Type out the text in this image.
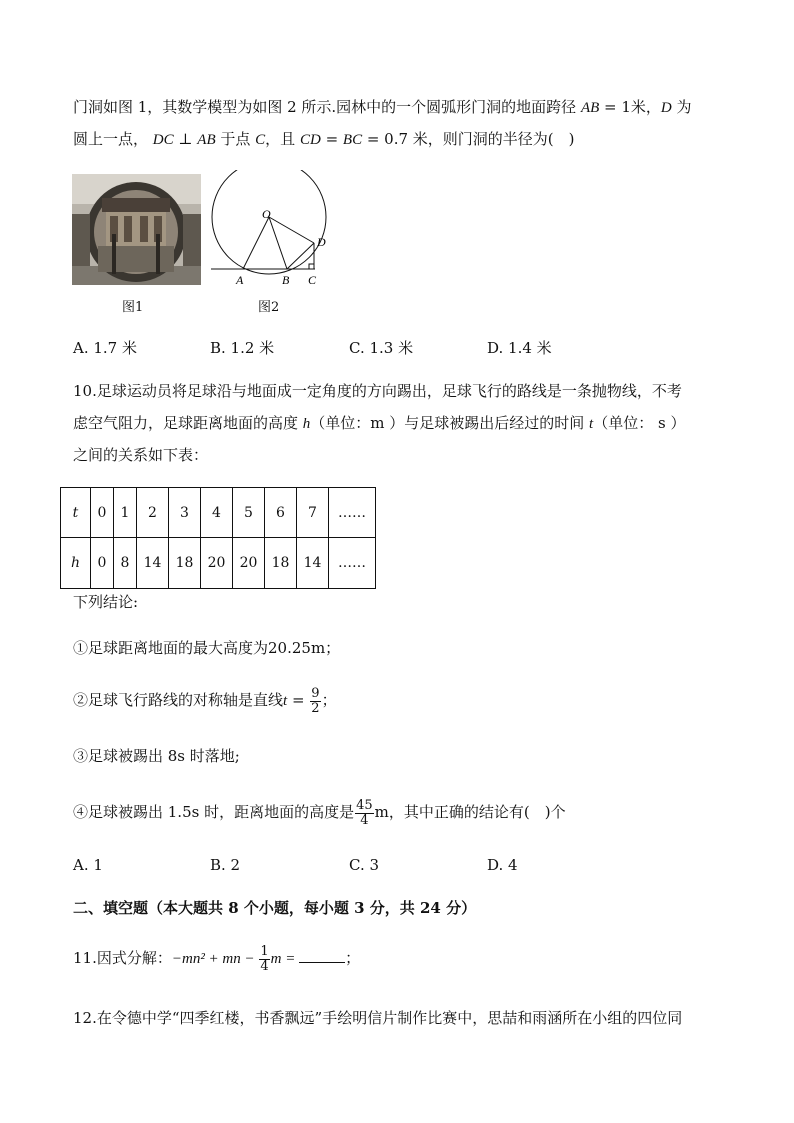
门洞如图 1，其数学模型为如图 2 所示.园林中的一个圆弧形门洞的地面跨径 AB = 1米，D 为
圆上一点， DC ⊥ AB 于点 C，且 CD = BC = 0.7 米，则门洞的半径为(　)
图1
O
D
A	B C
图2
A. 1.7 米	B. 1.2 米	C. 1.3 米	D. 1.4 米
10.足球运动员将足球沿与地面成一定角度的方向踢出，足球飞行的路线是一条抛物线，不考
虑空气阻力，足球距离地面的高度 h（单位：m ）与足球被踢出后经过的时间 t（单位： s ）
之间的关系如下表：
t	0	1	2	3	4	5	6	7	……
h	0	8	14	18	20	20	18	14	……
下列结论:
①足球距离地面的最大高度为20.25m；
②足球飞行路线的对称轴是直线$t = \frac{9}{2}$ ；
③足球被踢出 8s 时落地;
④足球被踢出 1.5s 时，距离地面的高度是 $\frac{45}{4}$ m，其中正确的结论有(　)个
A. 1	B. 2	C. 3	D. 4
二、填空题（本大题共 8 个小题，每小题 3 分，共 24 分）
11.因式分解：−mn² + mn − $\frac{1}{4}$ m =	；
12.在令德中学“四季红楼，书香飘远”手绘明信片制作比赛中，思喆和雨涵所在小组的四位同
